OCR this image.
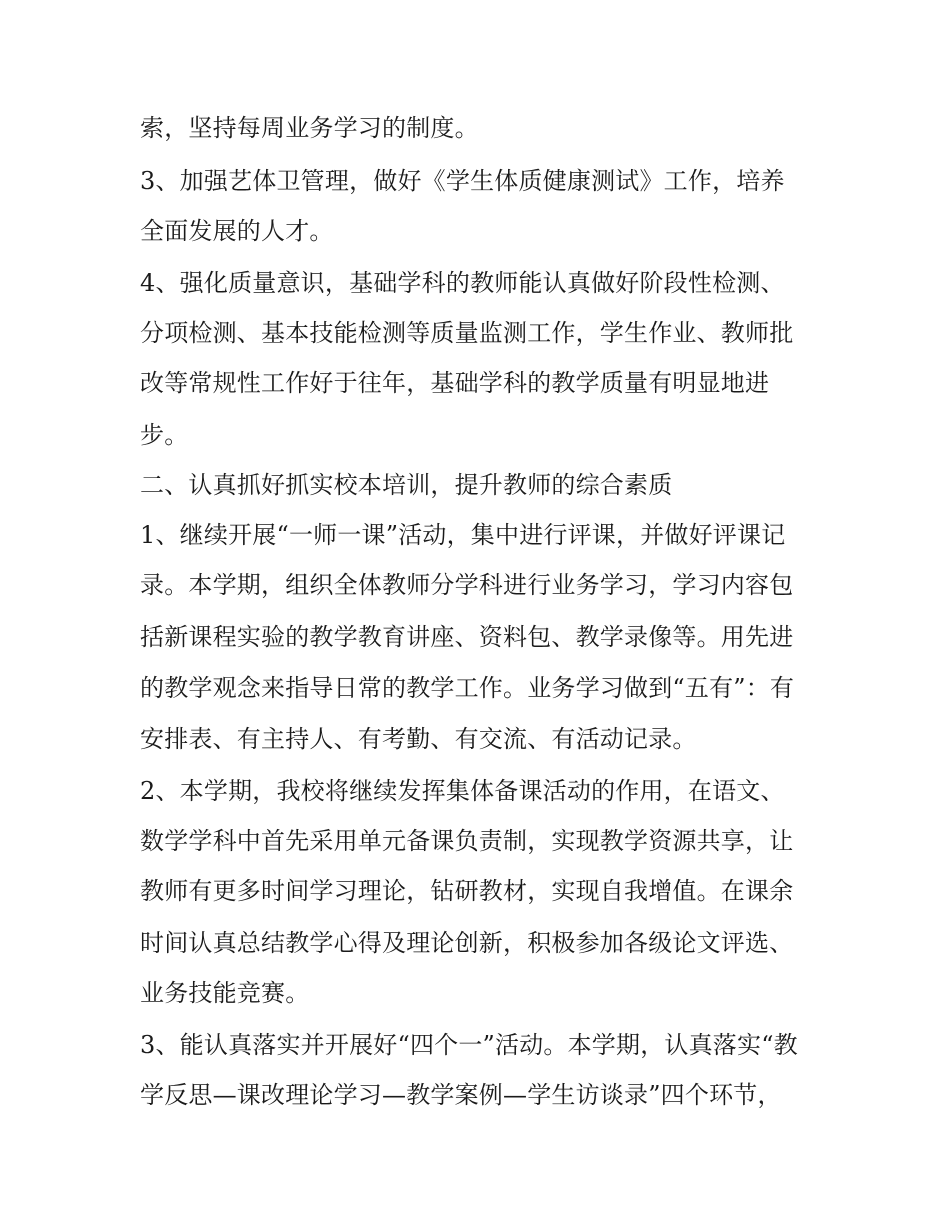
索，坚持每周业务学习的制度。
3、加强艺体卫管理，做好《学生体质健康测试》工作，培养
全面发展的人才。
4、强化质量意识，基础学科的教师能认真做好阶段性检测、
分项检测、基本技能检测等质量监测工作，学生作业、教师批
改等常规性工作好于往年，基础学科的教学质量有明显地进
步。
二、认真抓好抓实校本培训，提升教师的综合素质
1、继续开展“一师一课”活动，集中进行评课，并做好评课记
录。本学期，组织全体教师分学科进行业务学习，学习内容包
括新课程实验的教学教育讲座、资料包、教学录像等。用先进
的教学观念来指导日常的教学工作。业务学习做到“五有”：有
安排表、有主持人、有考勤、有交流、有活动记录。
2、本学期，我校将继续发挥集体备课活动的作用，在语文、
数学学科中首先采用单元备课负责制，实现教学资源共享，让
教师有更多时间学习理论，钻研教材，实现自我增值。在课余
时间认真总结教学心得及理论创新，积极参加各级论文评选、
业务技能竞赛。
3、能认真落实并开展好“四个一”活动。本学期，认真落实“教
学反思—课改理论学习—教学案例—学生访谈录”四个环节，
